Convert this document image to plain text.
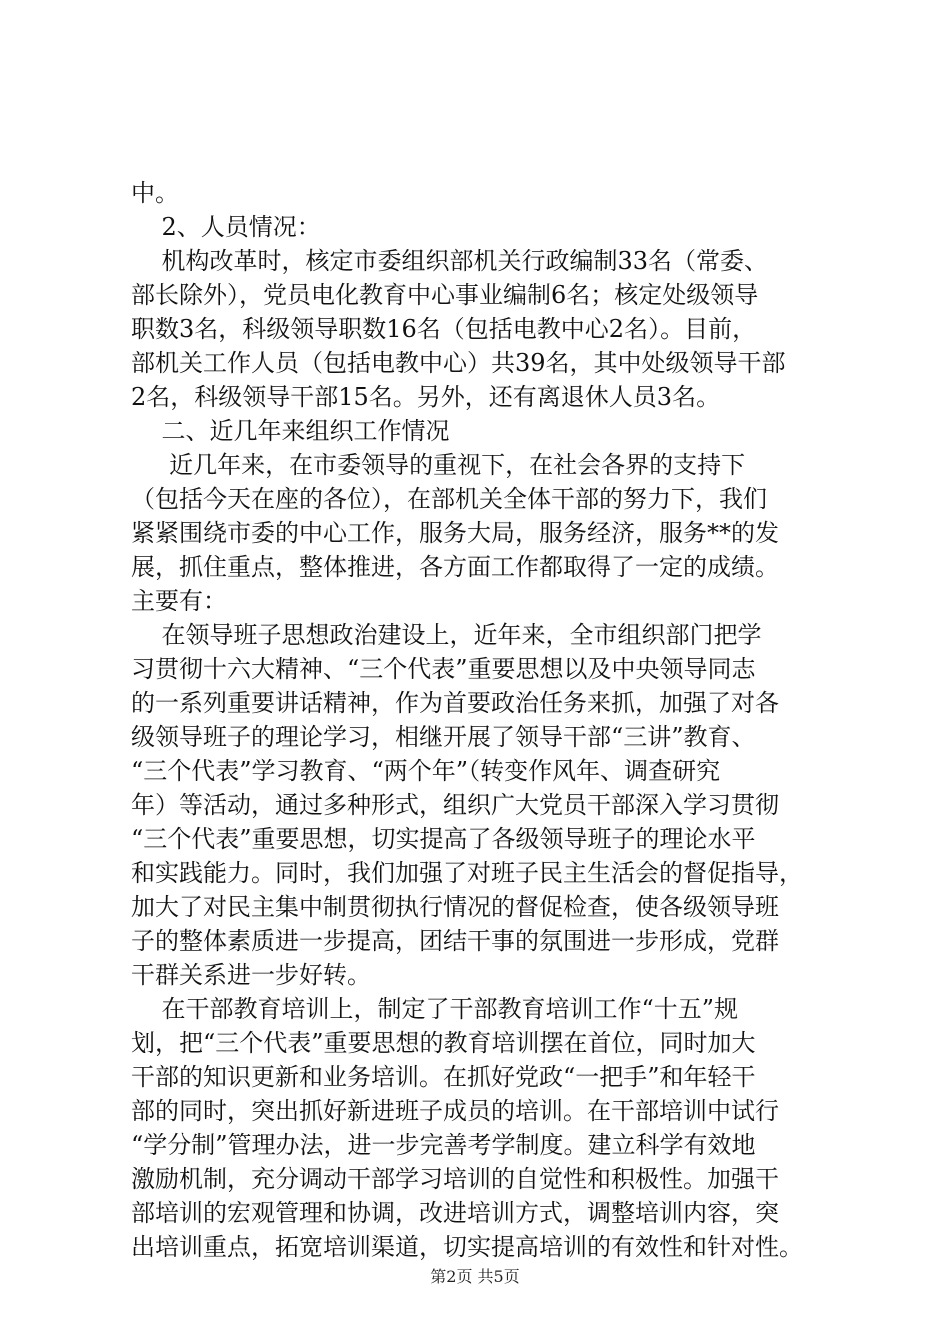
中。
2、人员情况：
机构改革时，核定市委组织部机关行政编制33名（常委、
部长除外），党员电化教育中心事业编制6名；核定处级领导
职数3名，科级领导职数16名（包括电教中心2名）。目前，
部机关工作人员（包括电教中心）共39名，其中处级领导干部
2名，科级领导干部15名。另外，还有离退休人员3名。
二、近几年来组织工作情况
近几年来，在市委领导的重视下，在社会各界的支持下
（包括今天在座的各位），在部机关全体干部的努力下，我们
紧紧围绕市委的中心工作，服务大局，服务经济，服务**的发
展，抓住重点，整体推进，各方面工作都取得了一定的成绩。
主要有：
在领导班子思想政治建设上，近年来，全市组织部门把学
习贯彻十六大精神、“三个代表”重要思想以及中央领导同志
的一系列重要讲话精神，作为首要政治任务来抓，加强了对各
级领导班子的理论学习，相继开展了领导干部“三讲”教育、
“三个代表”学习教育、“两个年”（转变作风年、调查研究
年）等活动，通过多种形式，组织广大党员干部深入学习贯彻
“三个代表”重要思想，切实提高了各级领导班子的理论水平
和实践能力。同时，我们加强了对班子民主生活会的督促指导，
加大了对民主集中制贯彻执行情况的督促检查，使各级领导班
子的整体素质进一步提高，团结干事的氛围进一步形成，党群
干群关系进一步好转。
在干部教育培训上，制定了干部教育培训工作“十五”规
划，把“三个代表”重要思想的教育培训摆在首位，同时加大
干部的知识更新和业务培训。在抓好党政“一把手”和年轻干
部的同时，突出抓好新进班子成员的培训。在干部培训中试行
“学分制”管理办法，进一步完善考学制度。建立科学有效地
激励机制，充分调动干部学习培训的自觉性和积极性。加强干
部培训的宏观管理和协调，改进培训方式，调整培训内容，突
出培训重点，拓宽培训渠道，切实提高培训的有效性和针对性。
第2页 共5页
